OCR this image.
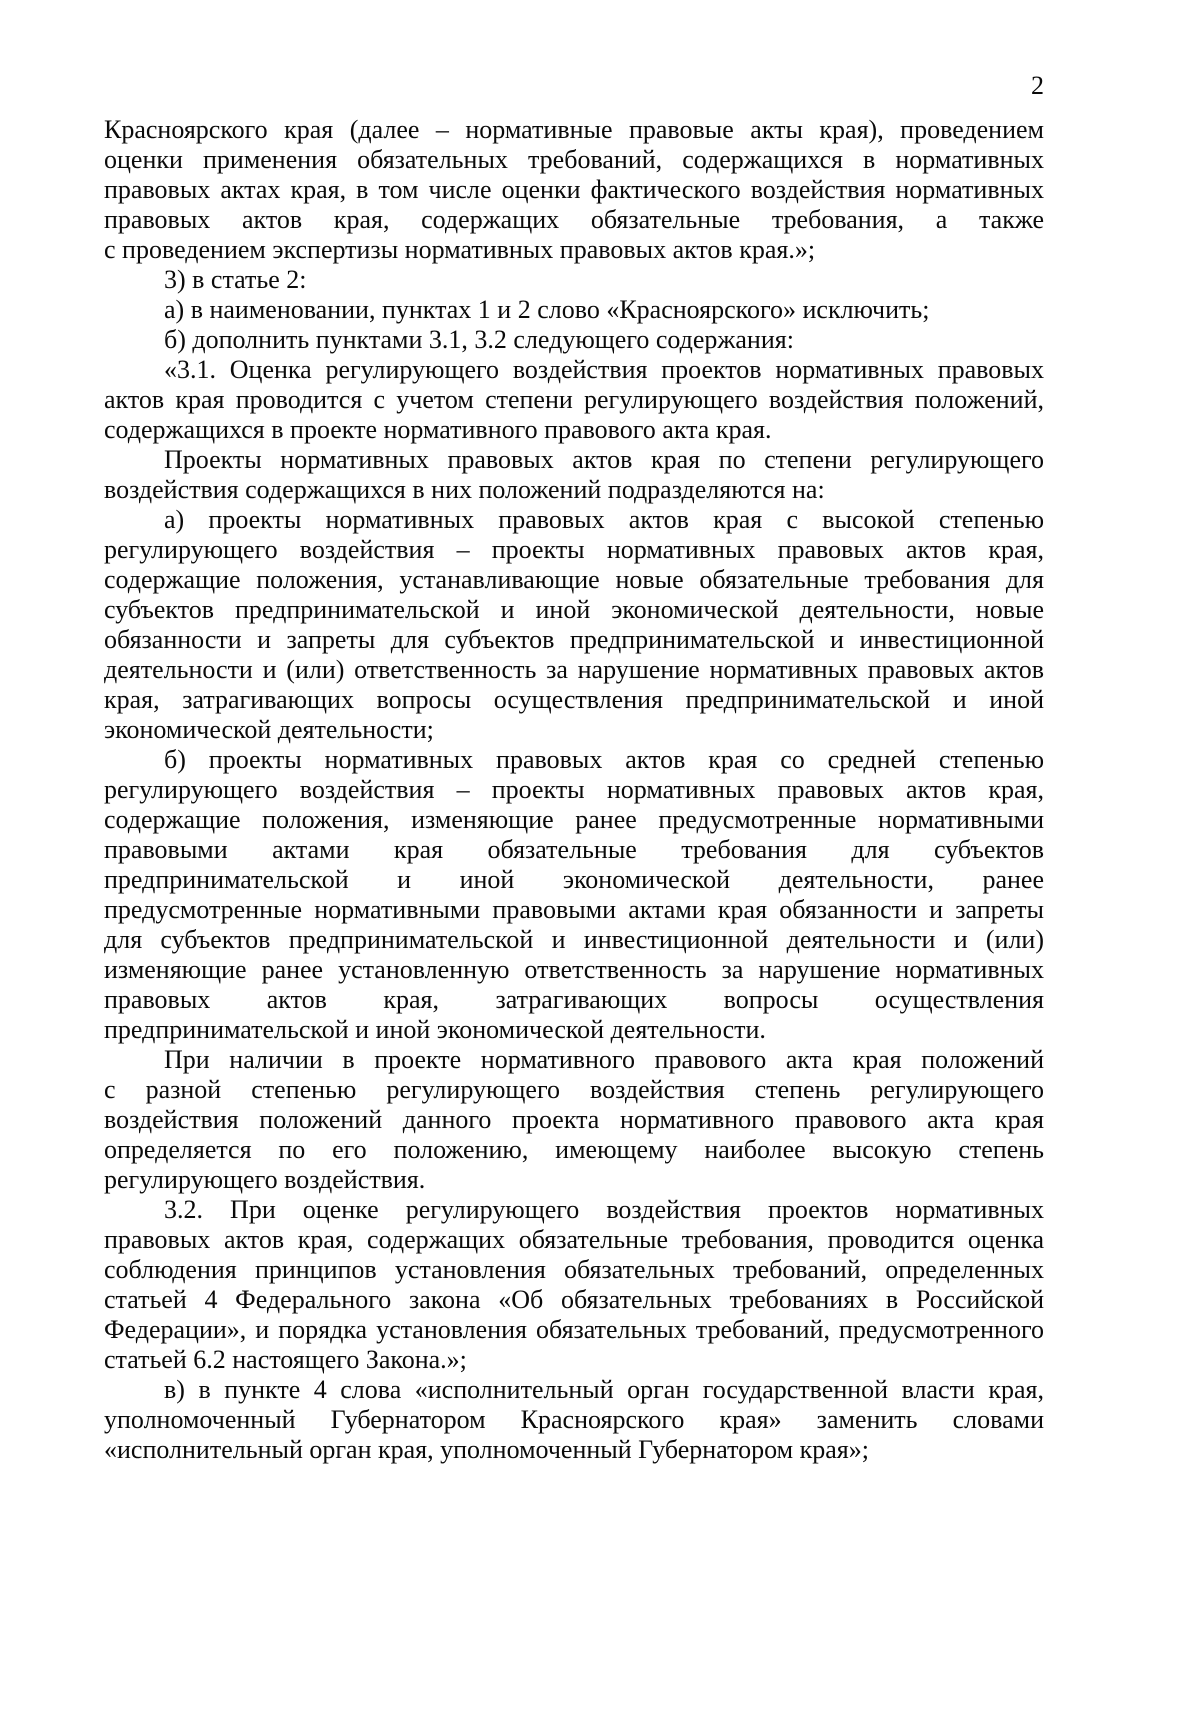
2
Красноярского края (далее – нормативные правовые акты края), проведением
оценки применения обязательных требований, содержащихся в нормативных
правовых актах края, в том числе оценки фактического воздействия нормативных
правовых актов края, содержащих обязательные требования, а также
с проведением экспертизы нормативных правовых актов края.»;
3) в статье 2:
а) в наименовании, пунктах 1 и 2 слово «Красноярского» исключить;
б) дополнить пунктами 3.1, 3.2 следующего содержания:
«3.1. Оценка регулирующего воздействия проектов нормативных правовых
актов края проводится с учетом степени регулирующего воздействия положений,
содержащихся в проекте нормативного правового акта края.
Проекты нормативных правовых актов края по степени регулирующего
воздействия содержащихся в них положений подразделяются на:
а) проекты нормативных правовых актов края с высокой степенью
регулирующего воздействия – проекты нормативных правовых актов края,
содержащие положения, устанавливающие новые обязательные требования для
субъектов предпринимательской и иной экономической деятельности, новые
обязанности и запреты для субъектов предпринимательской и инвестиционной
деятельности и (или) ответственность за нарушение нормативных правовых актов
края, затрагивающих вопросы осуществления предпринимательской и иной
экономической деятельности;
б) проекты нормативных правовых актов края со средней степенью
регулирующего воздействия – проекты нормативных правовых актов края,
содержащие положения, изменяющие ранее предусмотренные нормативными
правовыми актами края обязательные требования для субъектов
предпринимательской и иной экономической деятельности, ранее
предусмотренные нормативными правовыми актами края обязанности и запреты
для субъектов предпринимательской и инвестиционной деятельности и (или)
изменяющие ранее установленную ответственность за нарушение нормативных
правовых актов края, затрагивающих вопросы осуществления
предпринимательской и иной экономической деятельности.
При наличии в проекте нормативного правового акта края положений
с разной степенью регулирующего воздействия степень регулирующего
воздействия положений данного проекта нормативного правового акта края
определяется по его положению, имеющему наиболее высокую степень
регулирующего воздействия.
3.2. При оценке регулирующего воздействия проектов нормативных
правовых актов края, содержащих обязательные требования, проводится оценка
соблюдения принципов установления обязательных требований, определенных
статьей 4 Федерального закона «Об обязательных требованиях в Российской
Федерации», и порядка установления обязательных требований, предусмотренного
статьей 6.2 настоящего Закона.»;
в) в пункте 4 слова «исполнительный орган государственной власти края,
уполномоченный Губернатором Красноярского края» заменить словами
«исполнительный орган края, уполномоченный Губернатором края»;
